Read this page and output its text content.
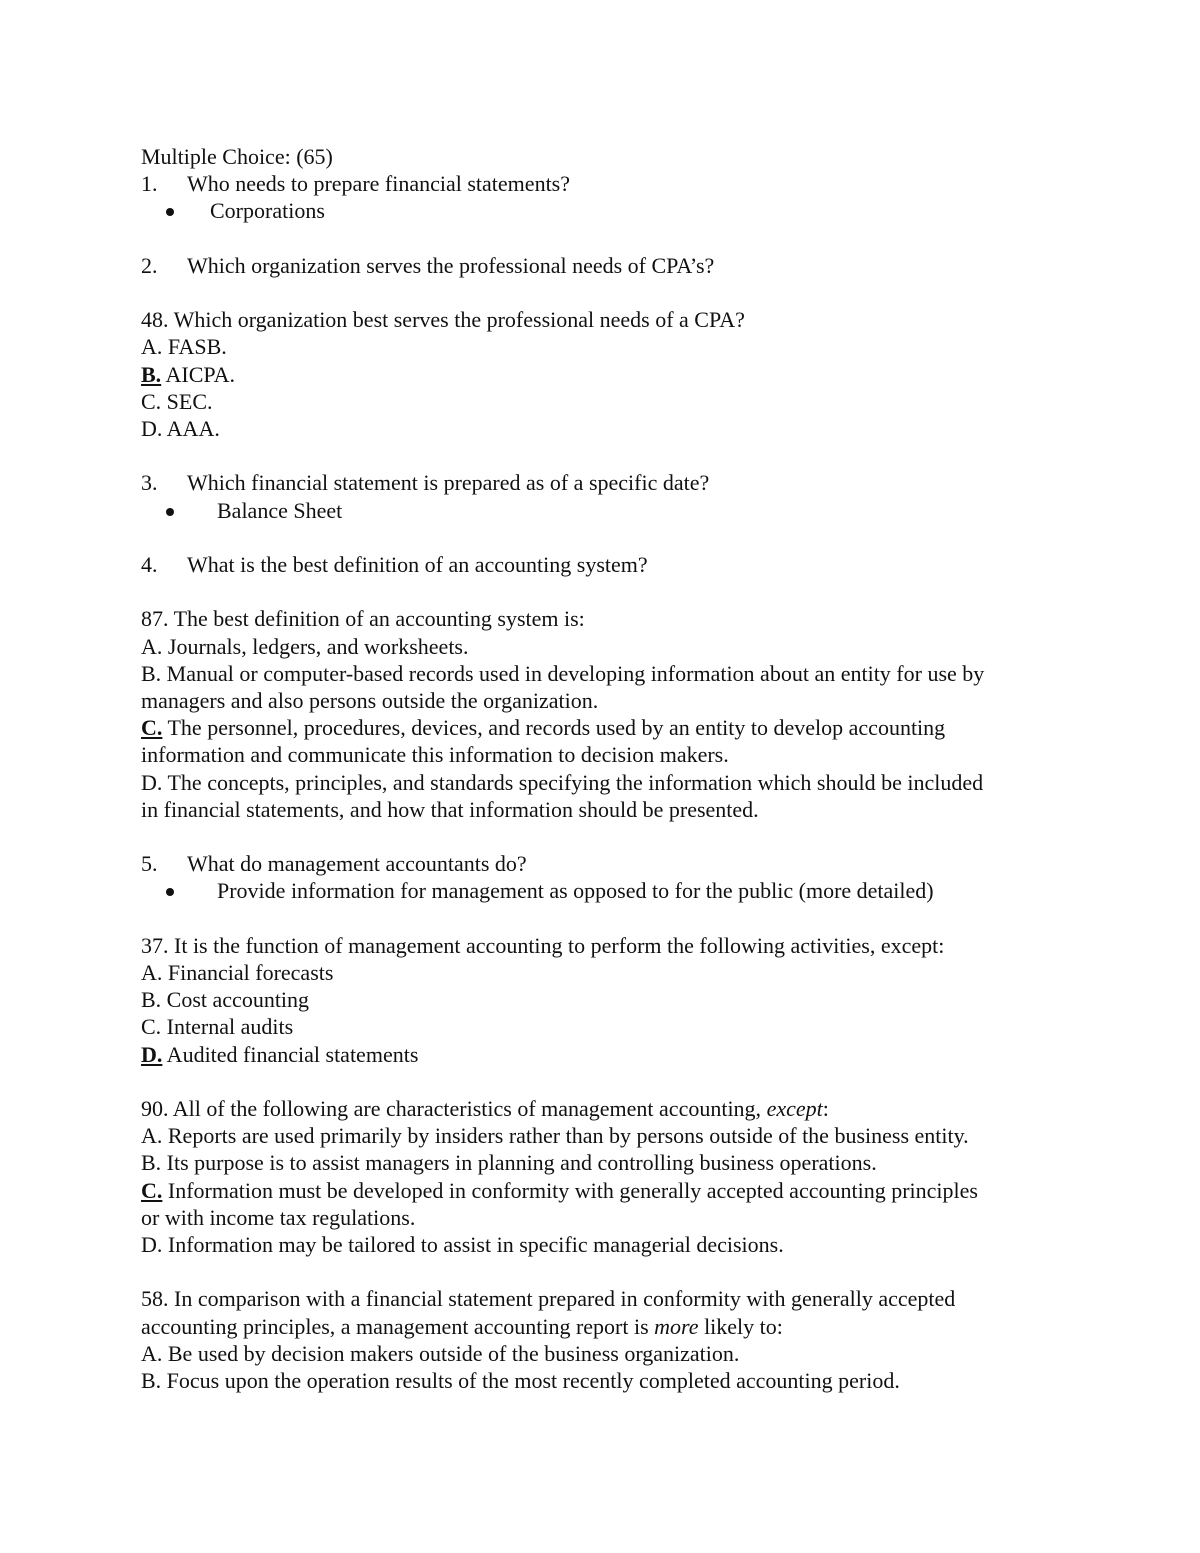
Multiple Choice: (65)

1. Who needs to prepare financial statements?

Corporations

2. Which organization serves the professional needs of CPA’s?

48. Which organization best serves the professional needs of a CPA?

A. FASB.

B. AICPA.

C. SEC.

D. AAA.

3. Which financial statement is prepared as of a specific date?

Balance Sheet

4. What is the best definition of an accounting system?

87. The best definition of an accounting system is:

A. Journals, ledgers, and worksheets.

B. Manual or computer-based records used in developing information about an entity for use by

managers and also persons outside the organization.

C. The personnel, procedures, devices, and records used by an entity to develop accounting

information and communicate this information to decision makers.

D. The concepts, principles, and standards specifying the information which should be included

in financial statements, and how that information should be presented.

5. What do management accountants do?

Provide information for management as opposed to for the public (more detailed)

37. It is the function of management accounting to perform the following activities, except:

A. Financial forecasts

B. Cost accounting

C. Internal audits

D. Audited financial statements

90. All of the following are characteristics of management accounting, except:

A. Reports are used primarily by insiders rather than by persons outside of the business entity.

B. Its purpose is to assist managers in planning and controlling business operations.

C. Information must be developed in conformity with generally accepted accounting principles

or with income tax regulations.

D. Information may be tailored to assist in specific managerial decisions.

58. In comparison with a financial statement prepared in conformity with generally accepted

accounting principles, a management accounting report is more likely to:

A. Be used by decision makers outside of the business organization.

B. Focus upon the operation results of the most recently completed accounting period.
